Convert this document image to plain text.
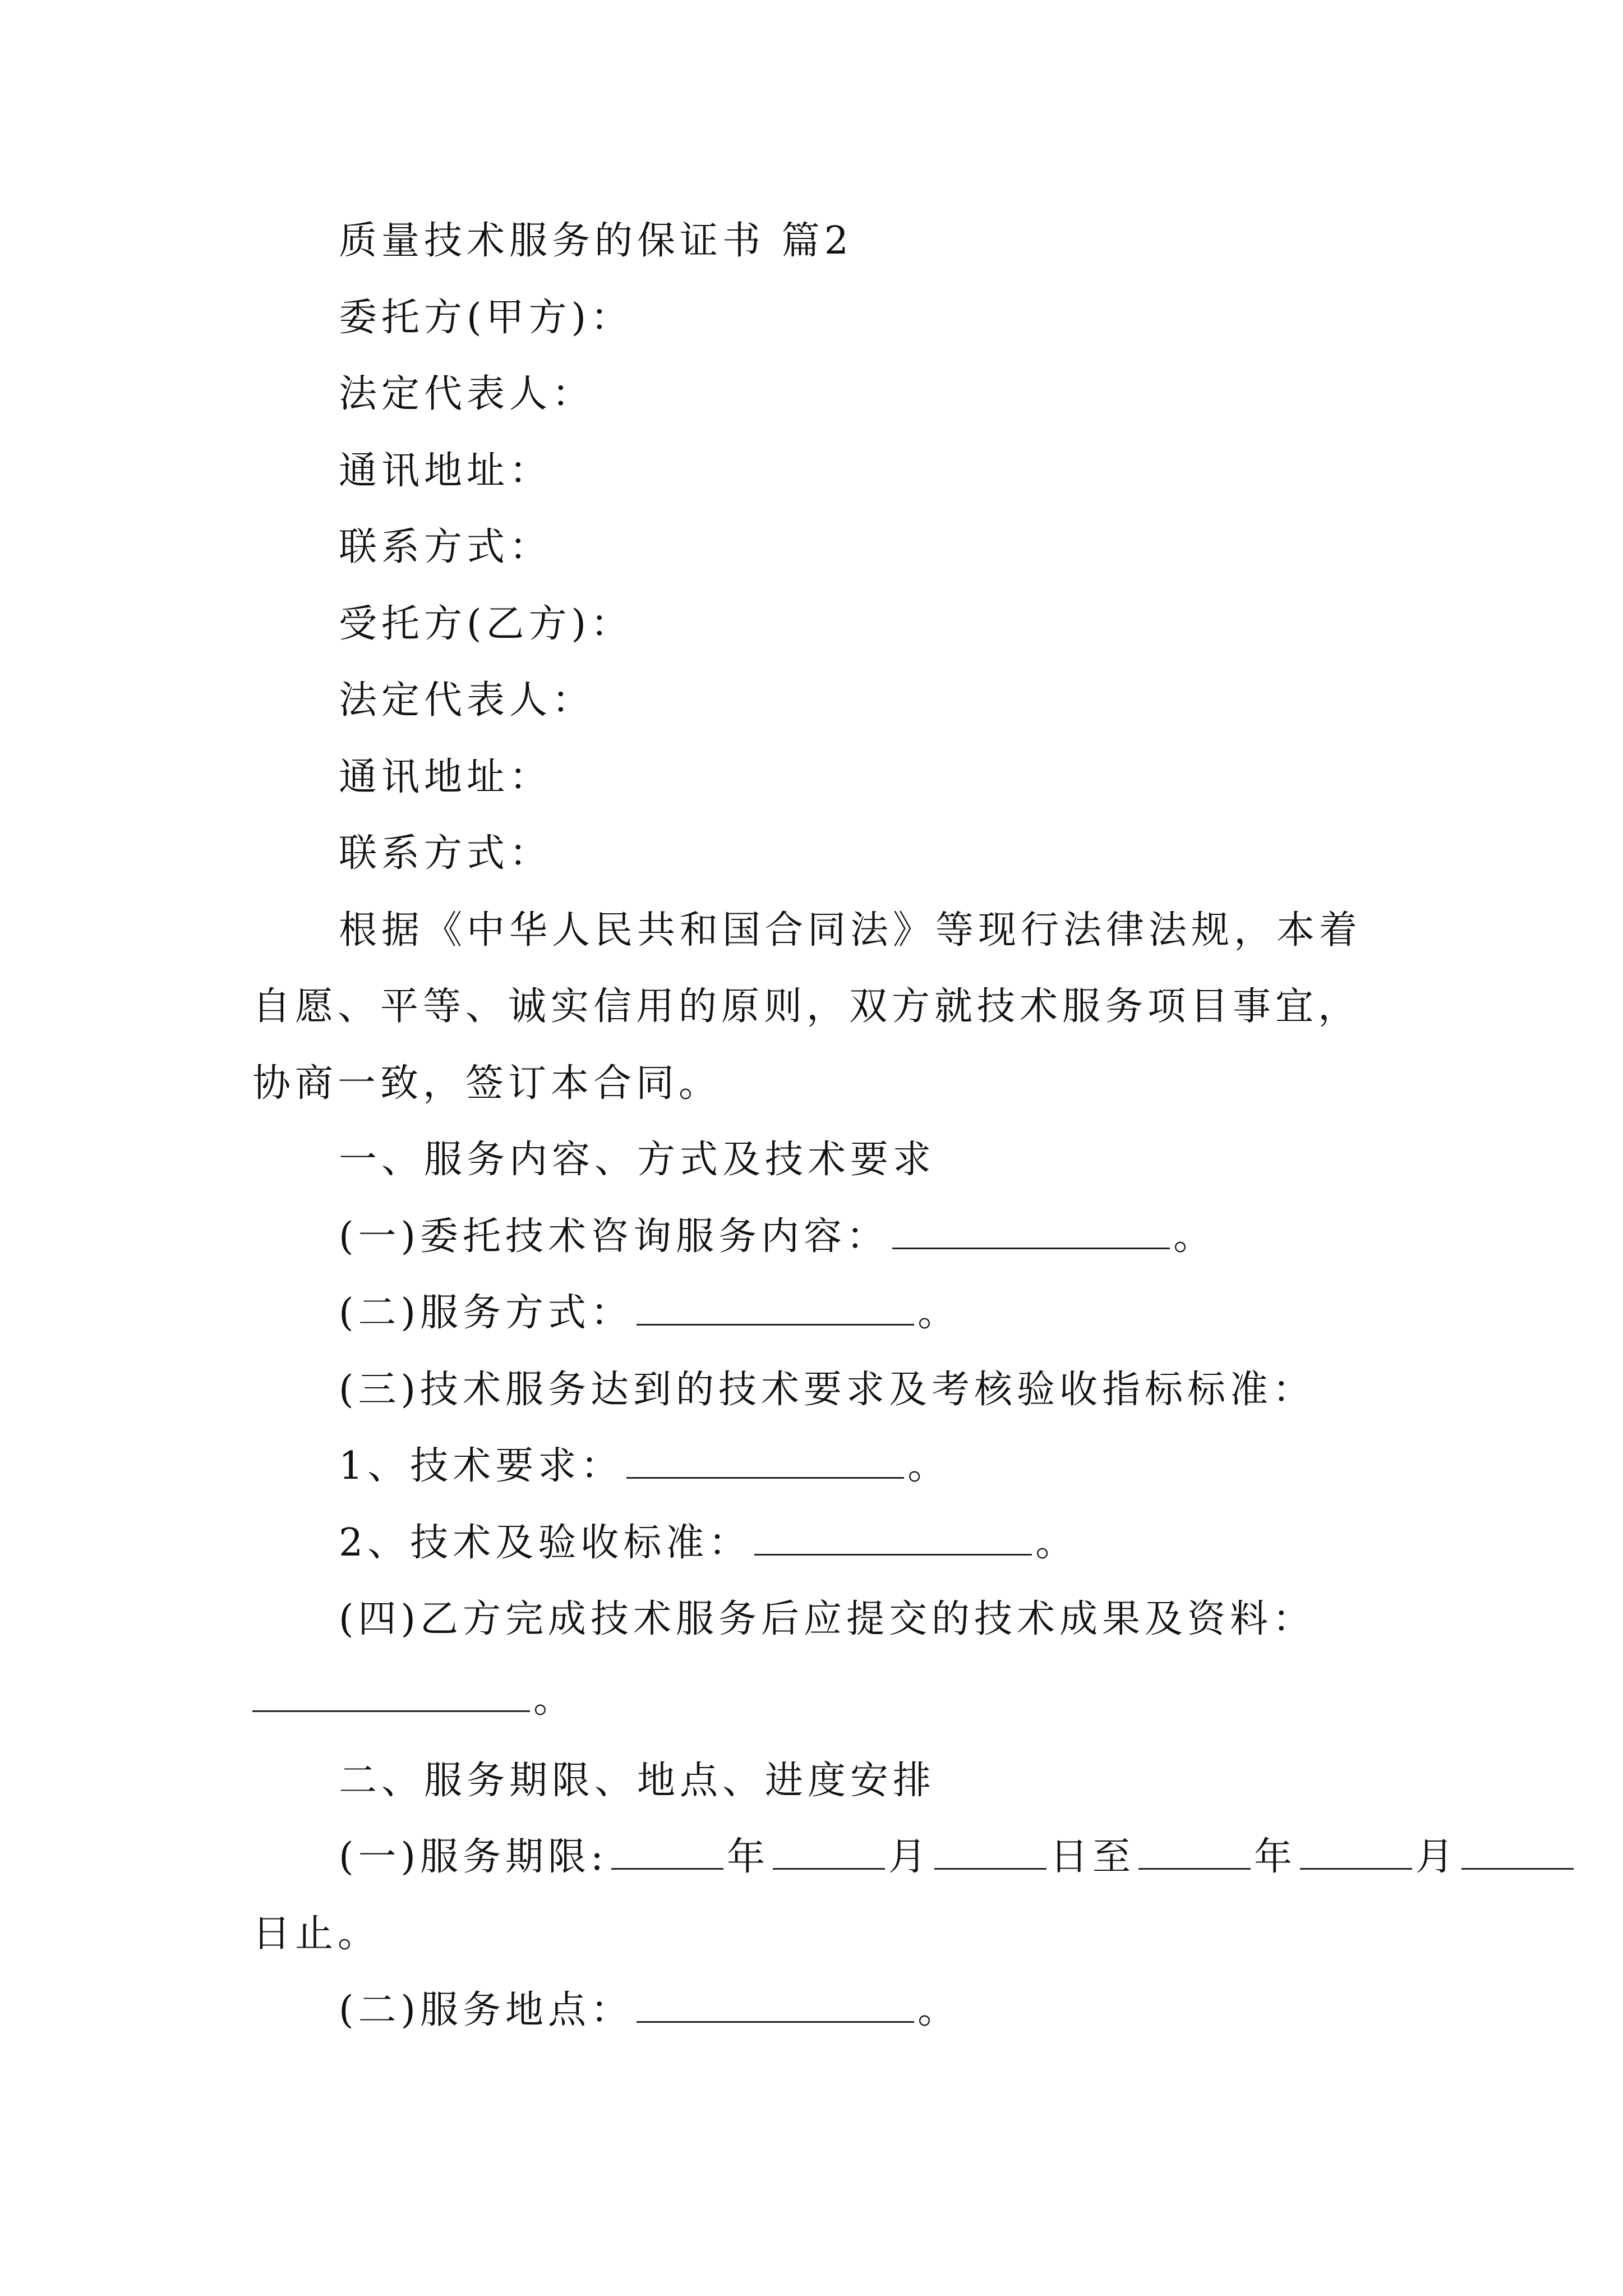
质量技术服务的保证书 篇2
委托方(甲方)：
法定代表人：
通讯地址：
联系方式：
受托方(乙方)：
法定代表人：
通讯地址：
联系方式：
根据《中华人民共和国合同法》等现行法律法规，本着
自愿、平等、诚实信用的原则，双方就技术服务项目事宜，
协商一致，签订本合同。
一、服务内容、方式及技术要求
(一)委托技术咨询服务内容：	。
(二)服务方式：	。
(三)技术服务达到的技术要求及考核验收指标标准：
1、技术要求：	。
2、技术及验收标准：	。
(四)乙方完成技术服务后应提交的技术成果及资料：
。
二、服务期限、地点、进度安排
(一)服务期限:	年	月	日至	年	月
日止。
(二)服务地点：	。
